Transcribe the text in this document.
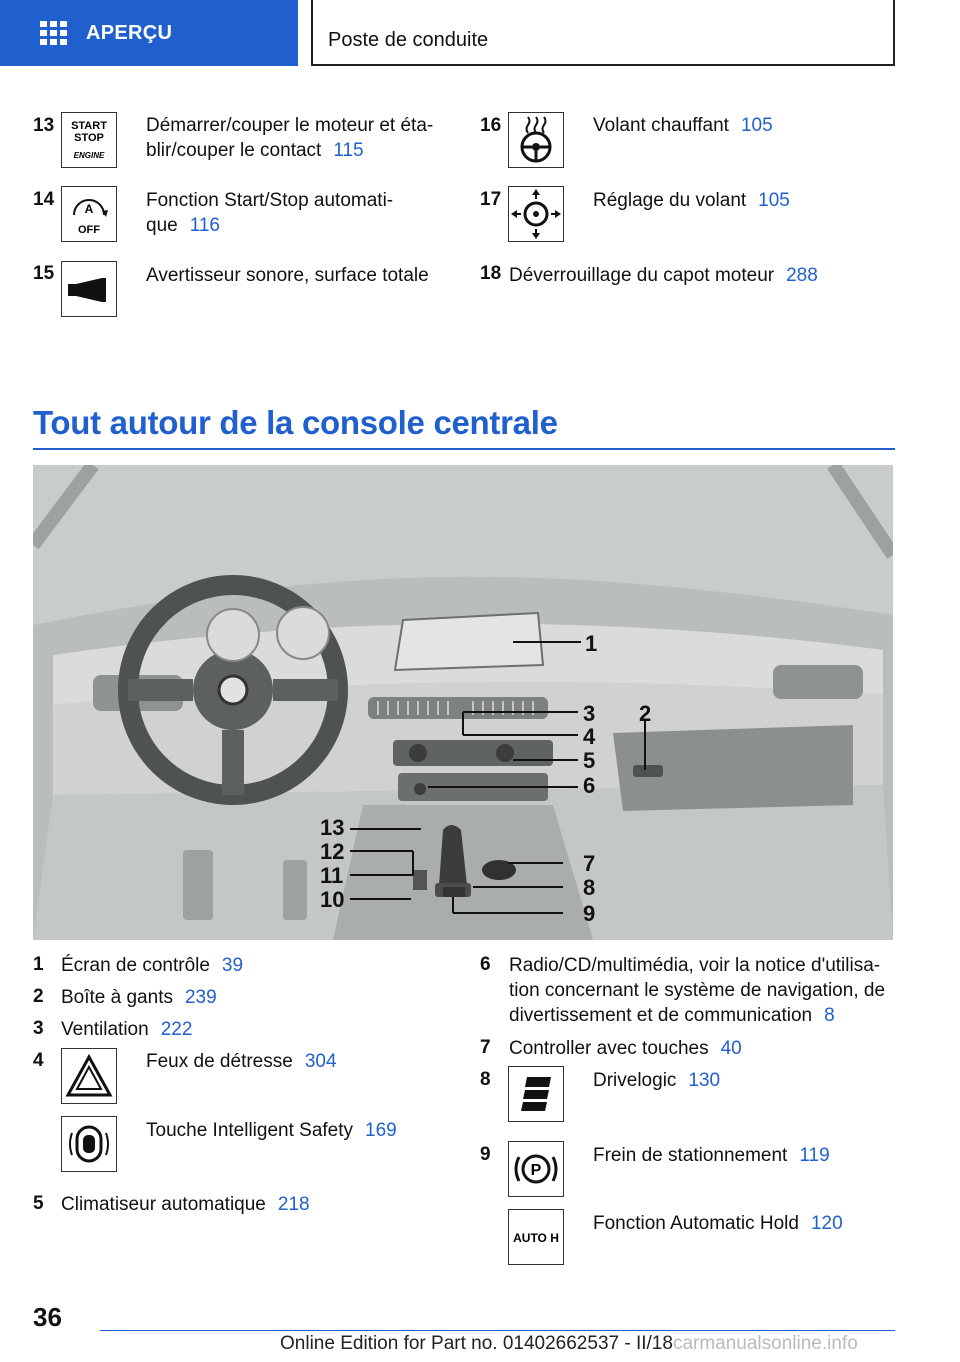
APERÇU	Poste de conduite
13 START
STOP
ENGINE
Démarrer/couper le moteur et éta-
blir/couper le contact 115
14	A
OFF
Fonction Start/Stop automati-
que 116
15	Avertisseur sonore, surface totale
16	Volant chauffant 105
17	Réglage du volant 105
18 Déverrouillage du capot moteur 288
Tout autour de la console centrale
1
2
3
4
5
6
7
8
9
10
11
12
13
1 Écran de contrôle 39
2 Boîte à gants 239
3 Ventilation 222
4	Feux de détresse 304
Touche Intelligent Safety 169
5 Climatiseur automatique 218
6 Radio/CD/multimédia, voir la notice d'utilisa-
tion concernant le système de navigation, de
divertissement et de communication 8
7 Controller avec touches 40
8	Drivelogic 130
9
P
Frein de stationnement 119
AUTO H
Fonction Automatic Hold 120
36
Online Edition for Part no. 01402662537 - II/18carmanualsonline.info
